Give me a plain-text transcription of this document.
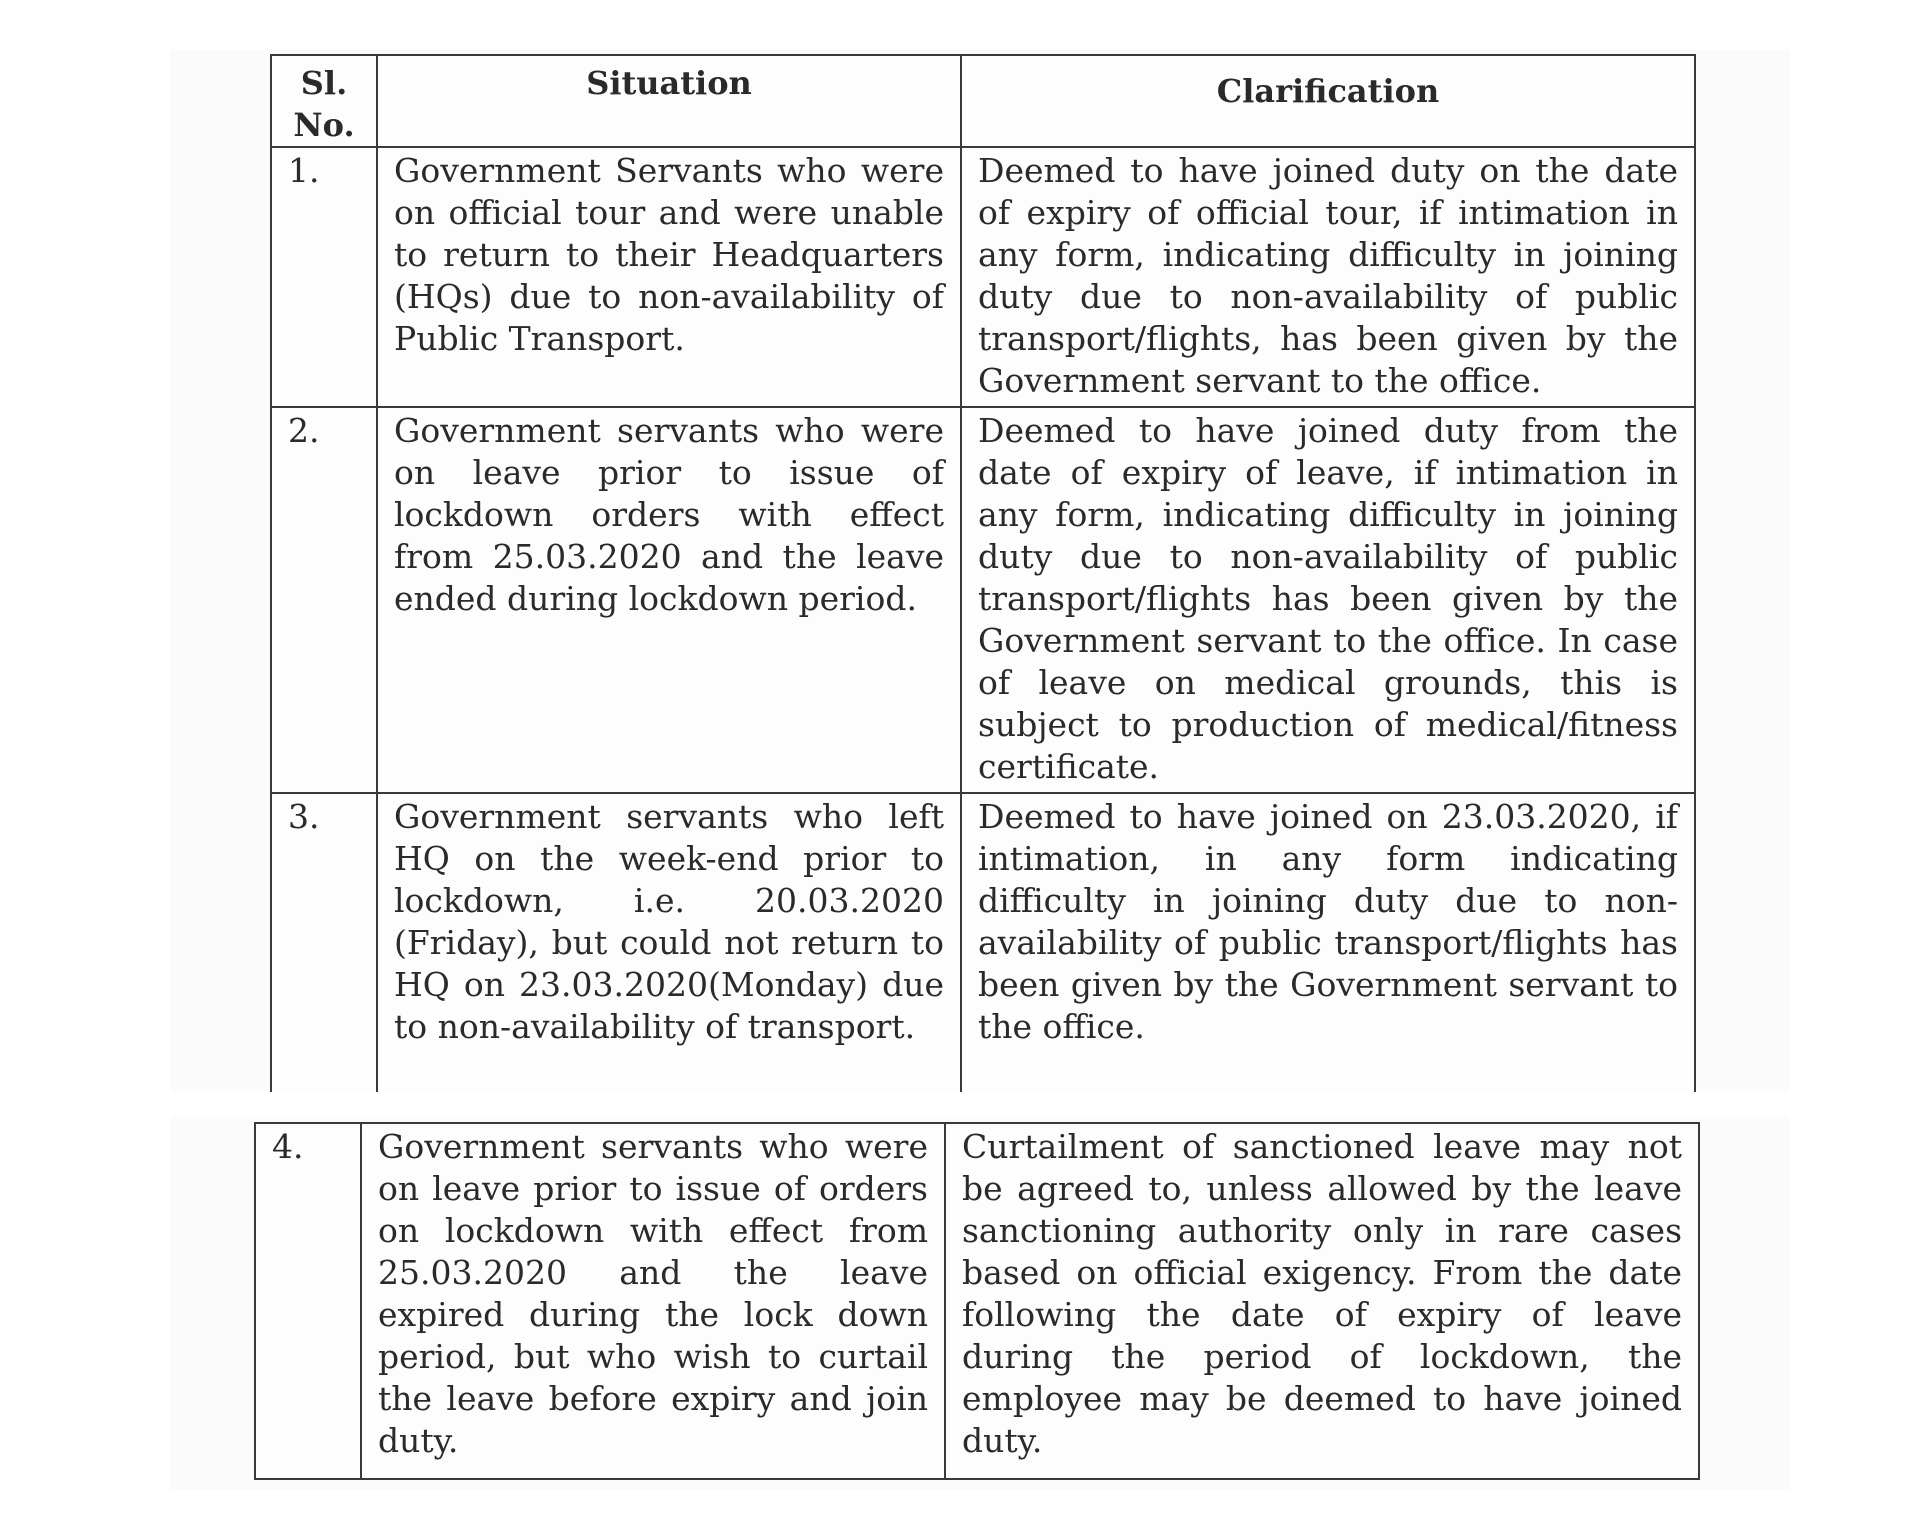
Sl. No.	Situation	Clarification
1.	Government Servants who were on official tour and were unable to return to their Headquarters (HQs) due to non-availability of Public Transport.	Deemed to have joined duty on the date of expiry of official tour, if intimation in any form, indicating difficulty in joining duty due to non-availability of public transport/flights, has been given by the Government servant to the office.
2.	Government servants who were on leave prior to issue of lockdown orders with effect from 25.03.2020 and the leave ended during lockdown period.	Deemed to have joined duty from the date of expiry of leave, if intimation in any form, indicating difficulty in joining duty due to non-availability of public transport/flights has been given by the Government servant to the office. In case of leave on medical grounds, this is subject to production of medical/fitness certificate.
3.	Government servants who left HQ on the week-end prior to lockdown, i.e. 20.03.2020 (Friday), but could not return to HQ on 23.03.2020(Monday) due to non-availability of transport.	Deemed to have joined on 23.03.2020, if intimation, in any form indicating difficulty in joining duty due to non-availability of public transport/flights has been given by the Government servant to the office.
4.	Government servants who were on leave prior to issue of orders on lockdown with effect from 25.03.2020 and the leave expired during the lock down period, but who wish to curtail the leave before expiry and join duty.	Curtailment of sanctioned leave may not be agreed to, unless allowed by the leave sanctioning authority only in rare cases based on official exigency. From the date following the date of expiry of leave during the period of lockdown, the employee may be deemed to have joined duty.
